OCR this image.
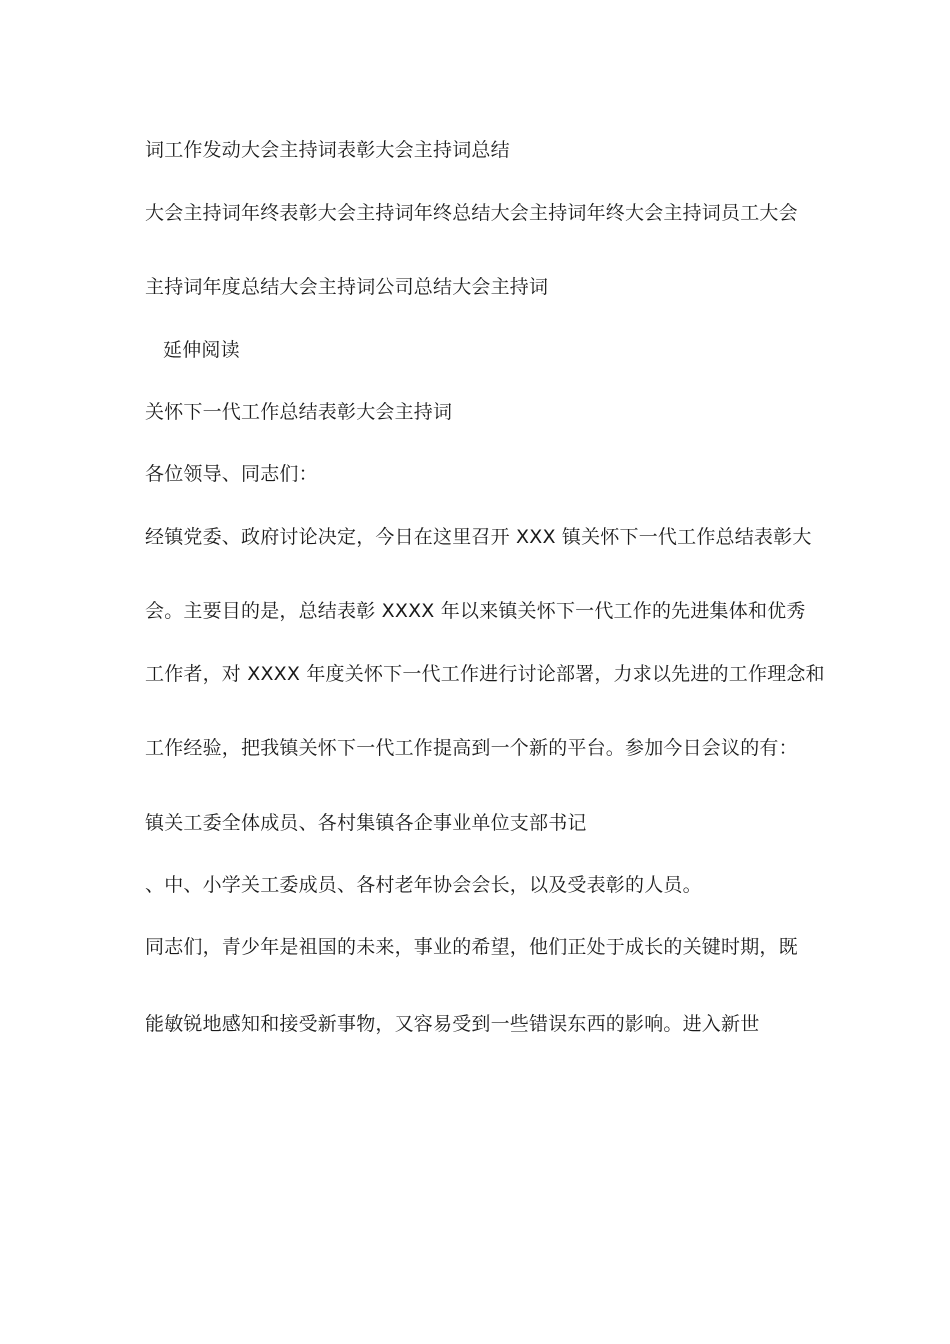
词工作发动大会主持词表彰大会主持词总结
大会主持词年终表彰大会主持词年终总结大会主持词年终大会主持词员工大会
主持词年度总结大会主持词公司总结大会主持词
延伸阅读
关怀下一代工作总结表彰大会主持词
各位领导、同志们：
经镇党委、政府讨论决定，今日在这里召开 XXX 镇关怀下一代工作总结表彰大
会。主要目的是，总结表彰 XXXX 年以来镇关怀下一代工作的先进集体和优秀
工作者，对 XXXX 年度关怀下一代工作进行讨论部署，力求以先进的工作理念和
工作经验，把我镇关怀下一代工作提高到一个新的平台。参加今日会议的有：
镇关工委全体成员、各村集镇各企事业单位支部书记
、中、小学关工委成员、各村老年协会会长，以及受表彰的人员。
同志们，青少年是祖国的未来，事业的希望，他们正处于成长的关键时期，既
能敏锐地感知和接受新事物，又容易受到一些错误东西的影响。进入新世
